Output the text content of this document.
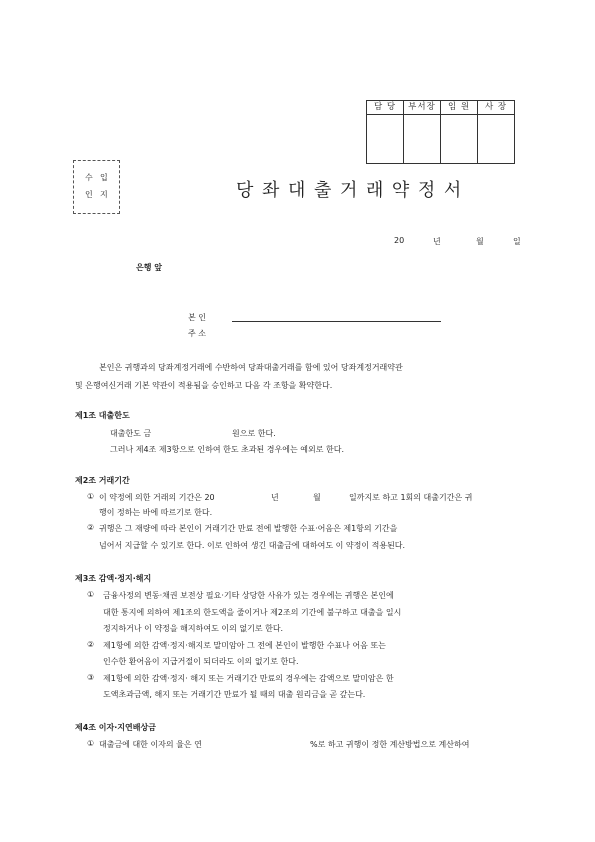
담 당	부서장	임 원	사 장

수 입
인 지	당좌대출거래약정서
20	년	월	일
은행 앞
본 인
주 소
본인은 귀행과의 당좌계정거래에 수반하여 당좌대출거래를 함에 있어 당좌계정거래약관
및 은행여신거래 기본 약관이 적용됨을 승인하고 다음 각 조항을 확약한다.
제1조 대출한도
대출한도 금	원으로 한다.
그러나 제4조 제3항으로 인하여 한도 초과된 경우에는 예외로 한다.
제2조 거래기간
① 이 약정에 의한 거래의 기간은 20	년	월	일까지로 하고 1회의 대출기간은 귀
행이 정하는 바에 따르기로 한다.
② 귀행은 그 재량에 따라 본인이 거래기간 만료 전에 발행한 수표·어음은 제1항의 기간을
넘어서 지급할 수 있기로 한다. 이로 인하여 생긴 대출금에 대하여도 이 약정이 적용된다.
제3조 감액·정지·해지
① 금융사정의 변동·채권 보전상 필요·기타 상당한 사유가 있는 경우에는 귀행은 본인에
대한 통지에 의하여 제1조의 한도액을 줄이거나 제2조의 기간에 불구하고 대출을 일시
정지하거나 이 약정을 해지하여도 이의 없기로 한다.
② 제1항에 의한 감액·정지·해지로 말미암아 그 전에 본인이 발행한 수표나 어음 또는
인수한 환어음이 지급거절이 되더라도 이의 없기로 한다.
③ 제1항에 의한 감액·정지· 해지 또는 거래기간 만료의 경우에는 감액으로 말미암은 한
도액초과금액, 해지 또는 거래기간 만료가 될 때의 대출 원리금을 곧 갚는다.
제4조 이자·지연배상금
① 대출금에 대한 이자의 율은 연	%로 하고 귀행이 정한 계산방법으로 계산하여
